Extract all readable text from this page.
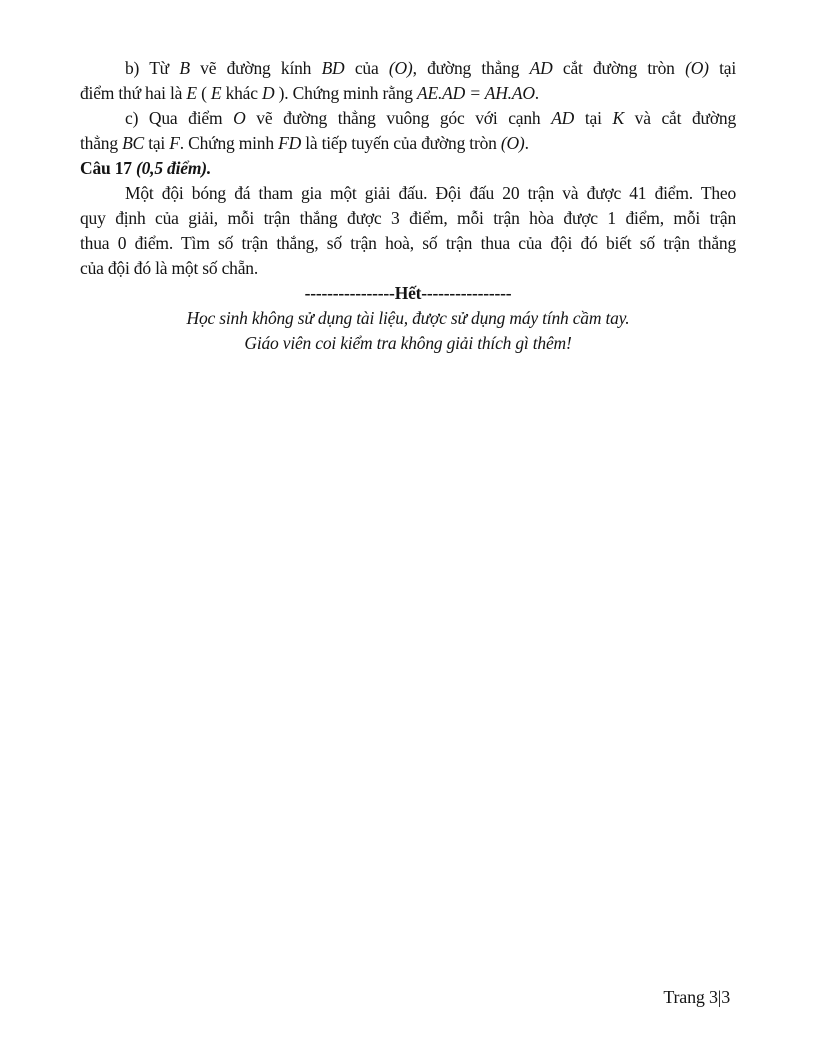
b) Từ B vẽ đường kính BD của (O), đường thẳng AD cắt đường tròn (O) tại
điểm thứ hai là E ( E khác D ). Chứng minh rằng AE.AD = AH.AO.
c) Qua điểm O vẽ đường thẳng vuông góc với cạnh AD tại K và cắt đường
thẳng BC tại F. Chứng minh FD là tiếp tuyến của đường tròn (O).
Câu 17 (0,5 điểm).
Một đội bóng đá tham gia một giải đấu. Đội đấu 20 trận và được 41 điểm. Theo
quy định của giải, mỗi trận thắng được 3 điểm, mỗi trận hòa được 1 điểm, mỗi trận
thua 0 điểm. Tìm số trận thắng, số trận hoà, số trận thua của đội đó biết số trận thắng
của đội đó là một số chẵn.
----------------Hết----------------
Học sinh không sử dụng tài liệu, được sử dụng máy tính cầm tay.
Giáo viên coi kiểm tra không giải thích gì thêm!
Trang 3|3
